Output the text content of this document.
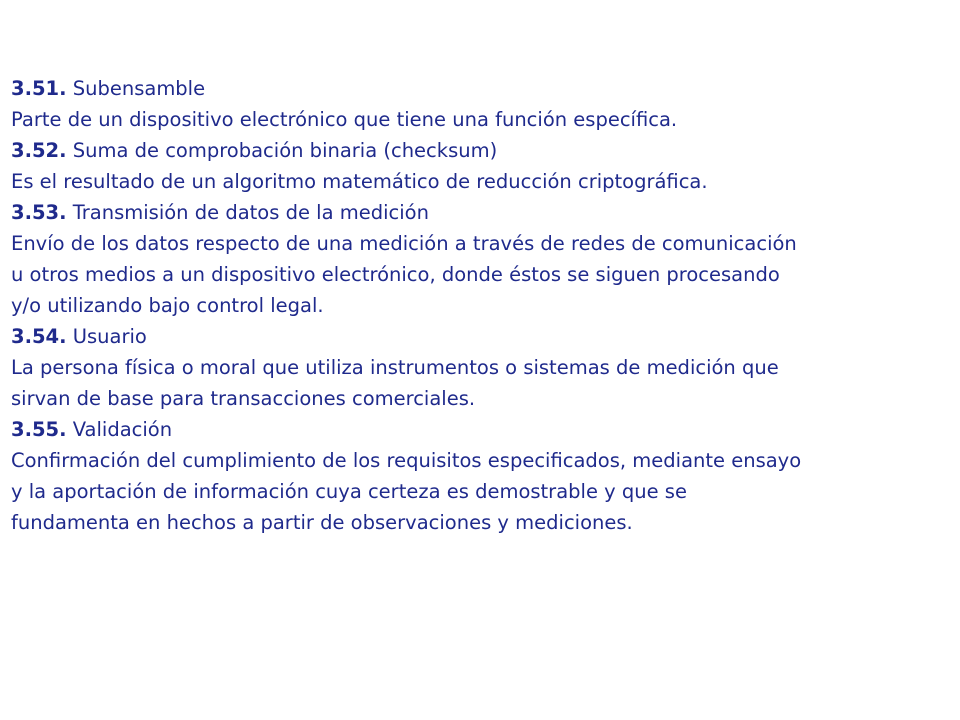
3.51. Subensamble

Parte de un dispositivo electrónico que tiene una función específica.

3.52. Suma de comprobación binaria (checksum)

Es el resultado de un algoritmo matemático de reducción criptográfica.

3.53. Transmisión de datos de la medición

Envío de los datos respecto de una medición a través de redes de comunicación

u otros medios a un dispositivo electrónico, donde éstos se siguen procesando

y/o utilizando bajo control legal.

3.54. Usuario

La persona física o moral que utiliza instrumentos o sistemas de medición que

sirvan de base para transacciones comerciales.

3.55. Validación

Confirmación del cumplimiento de los requisitos especificados, mediante ensayo

y la aportación de información cuya certeza es demostrable y que se

fundamenta en hechos a partir de observaciones y mediciones.
